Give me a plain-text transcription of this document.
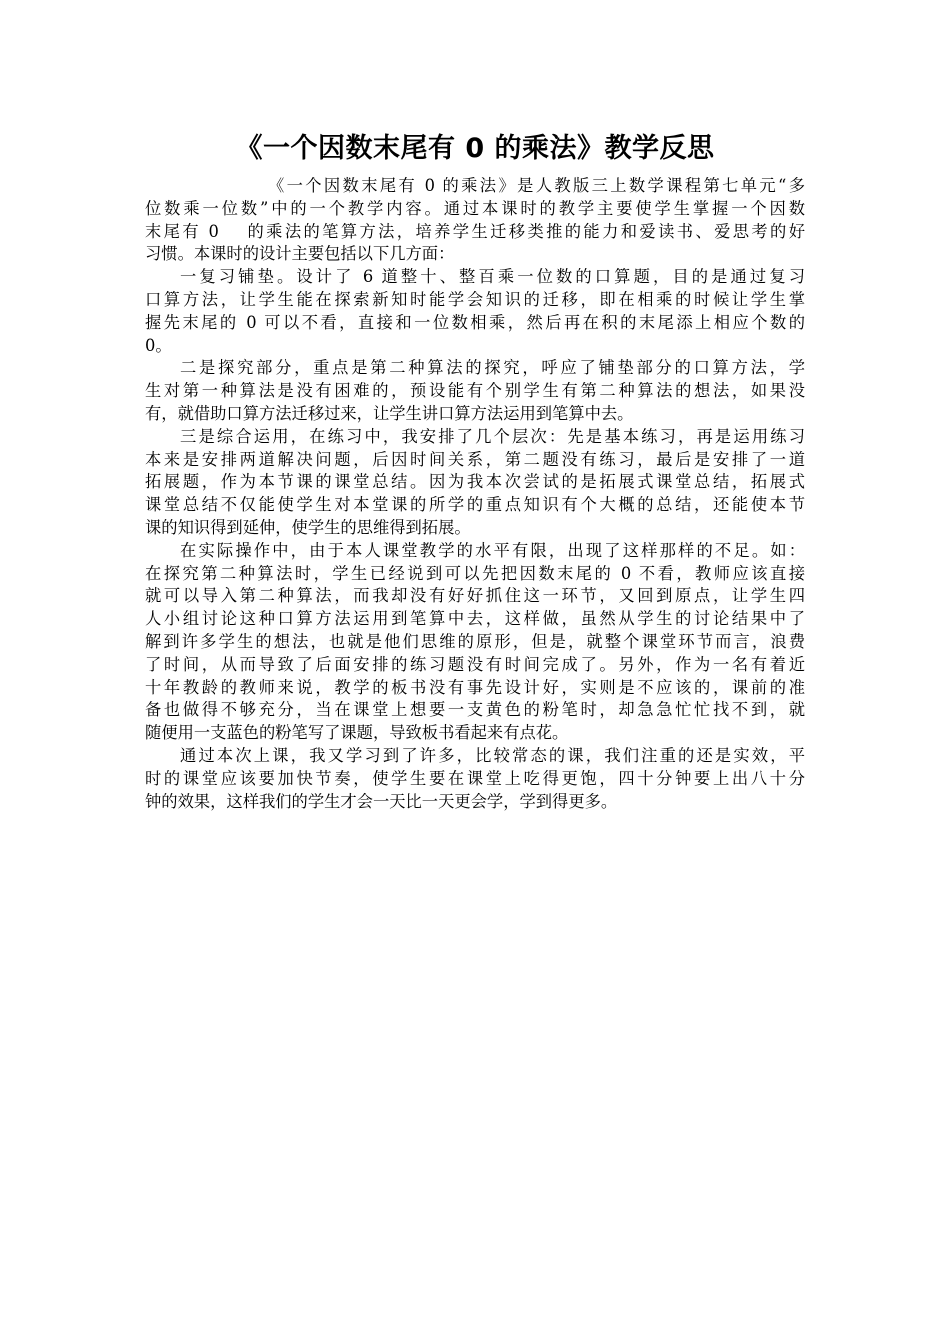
《一个因数末尾有 0 的乘法》教学反思
《一个因数末尾有 0 的乘法》是人教版三上数学课程第七单元“多
位数乘一位数”中的一个教学内容。通过本课时的教学主要使学生掌握一个因数
末尾有 0　 的乘法的笔算方法，培养学生迁移类推的能力和爱读书、爱思考的好
习惯。本课时的设计主要包括以下几方面：
一复习铺垫。设计了 6 道整十、整百乘一位数的口算题，目的是通过复习
口算方法，让学生能在探索新知时能学会知识的迁移，即在相乘的时候让学生掌
握先末尾的 0 可以不看，直接和一位数相乘，然后再在积的末尾添上相应个数的
0。
二是探究部分，重点是第二种算法的探究，呼应了铺垫部分的口算方法，学
生对第一种算法是没有困难的，预设能有个别学生有第二种算法的想法，如果没
有，就借助口算方法迁移过来，让学生讲口算方法运用到笔算中去。
三是综合运用，在练习中，我安排了几个层次：先是基本练习，再是运用练习
本来是安排两道解决问题，后因时间关系，第二题没有练习，最后是安排了一道
拓展题，作为本节课的课堂总结。因为我本次尝试的是拓展式课堂总结，拓展式
课堂总结不仅能使学生对本堂课的所学的重点知识有个大概的总结，还能使本节
课的知识得到延伸，使学生的思维得到拓展。
在实际操作中，由于本人课堂教学的水平有限，出现了这样那样的不足。如：
在探究第二种算法时，学生已经说到可以先把因数末尾的 0 不看，教师应该直接
就可以导入第二种算法，而我却没有好好抓住这一环节，又回到原点，让学生四
人小组讨论这种口算方法运用到笔算中去，这样做，虽然从学生的讨论结果中了
解到许多学生的想法，也就是他们思维的原形，但是，就整个课堂环节而言，浪费
了时间，从而导致了后面安排的练习题没有时间完成了。另外，作为一名有着近
十年教龄的教师来说，教学的板书没有事先设计好，实则是不应该的，课前的准
备也做得不够充分，当在课堂上想要一支黄色的粉笔时，却急急忙忙找不到，就
随便用一支蓝色的粉笔写了课题，导致板书看起来有点花。
通过本次上课，我又学习到了许多，比较常态的课，我们注重的还是实效，平
时的课堂应该要加快节奏，使学生要在课堂上吃得更饱，四十分钟要上出八十分
钟的效果，这样我们的学生才会一天比一天更会学，学到得更多。
